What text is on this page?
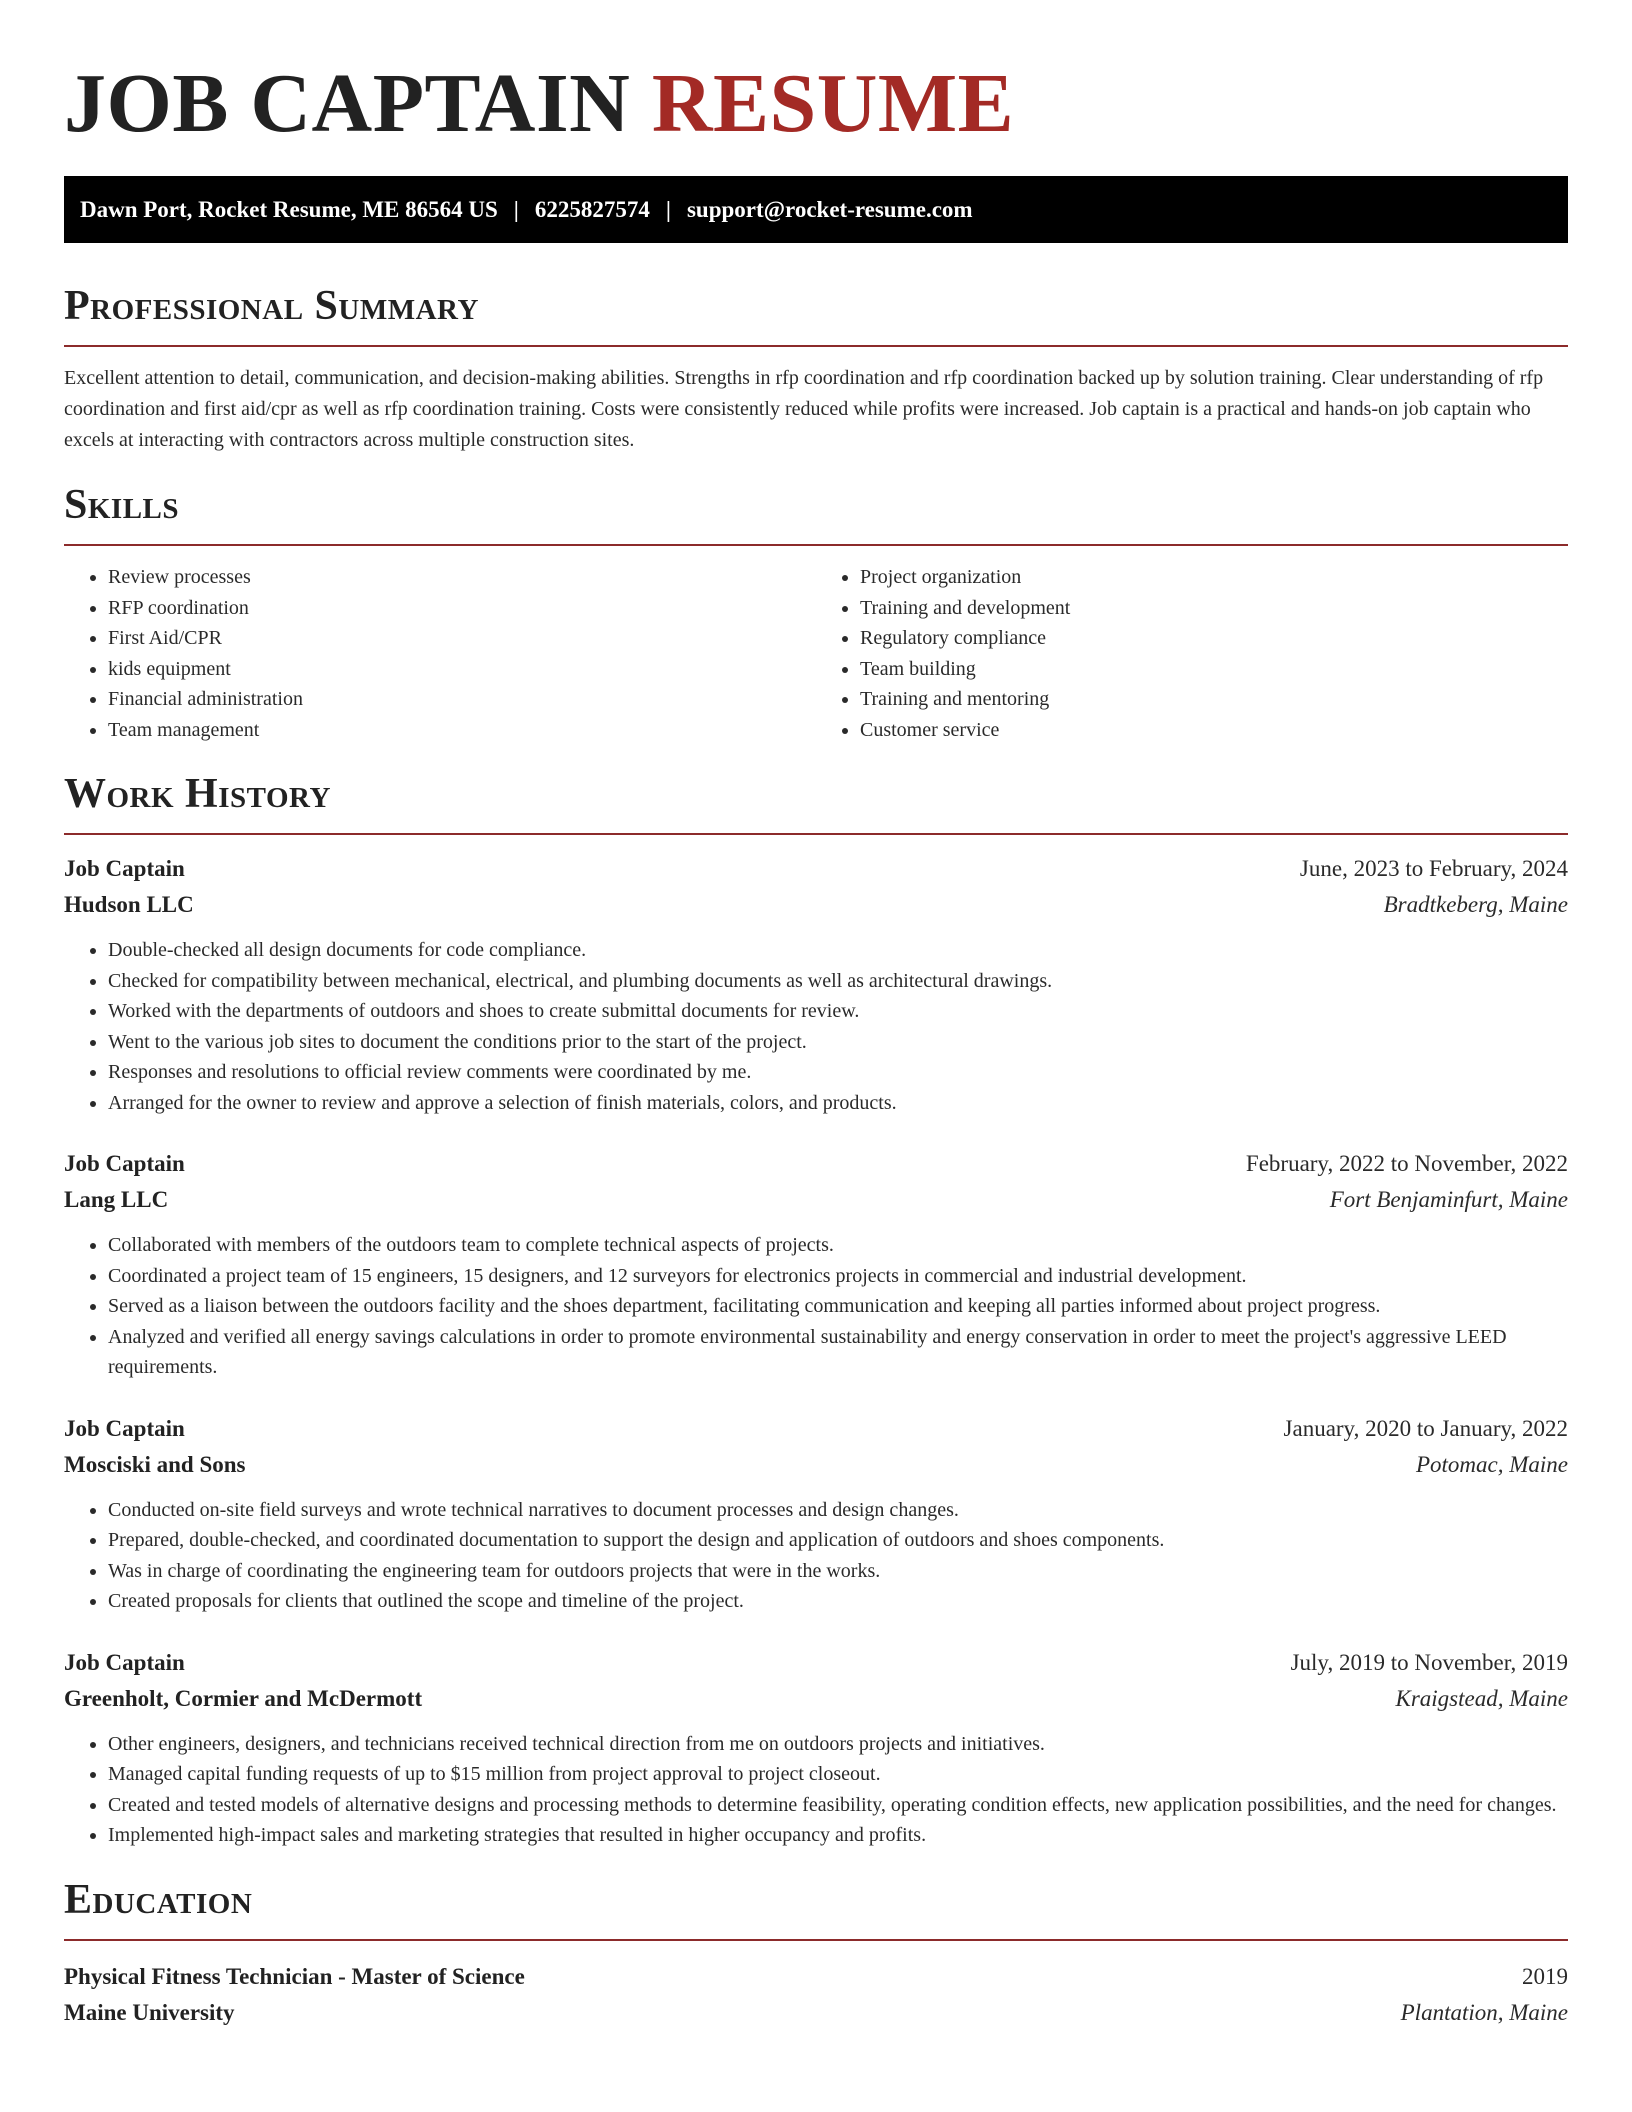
JOB CAPTAIN RESUME
Dawn Port, Rocket Resume, ME 86564 US | 6225827574 | support@rocket-resume.com
Professional Summary

Excellent attention to detail, communication, and decision-making abilities. Strengths in rfp coordination and rfp coordination backed up by solution training. Clear understanding of rfp coordination and first aid/cpr as well as rfp coordination training. Costs were consistently reduced while profits were increased. Job captain is a practical and hands-on job captain who excels at interacting with contractors across multiple construction sites.

Skills
• Review processes
• RFP coordination
• First Aid/CPR
• kids equipment
• Financial administration
• Team management
• Project organization
• Training and development
• Regulatory compliance
• Team building
• Training and mentoring
• Customer service
Work History
Job Captain	June, 2023 to February, 2024
Hudson LLC	Bradtkeberg, Maine
• Double-checked all design documents for code compliance.
• Checked for compatibility between mechanical, electrical, and plumbing documents as well as architectural drawings.
• Worked with the departments of outdoors and shoes to create submittal documents for review.
• Went to the various job sites to document the conditions prior to the start of the project.
• Responses and resolutions to official review comments were coordinated by me.
• Arranged for the owner to review and approve a selection of finish materials, colors, and products.
Job Captain	February, 2022 to November, 2022
Lang LLC	Fort Benjaminfurt, Maine
• Collaborated with members of the outdoors team to complete technical aspects of projects.
• Coordinated a project team of 15 engineers, 15 designers, and 12 surveyors for electronics projects in commercial and industrial development.
• Served as a liaison between the outdoors facility and the shoes department, facilitating communication and keeping all parties informed about project progress.
• Analyzed and verified all energy savings calculations in order to promote environmental sustainability and energy conservation in order to meet the project's aggressive LEED requirements.
Job Captain	January, 2020 to January, 2022
Mosciski and Sons	Potomac, Maine
• Conducted on-site field surveys and wrote technical narratives to document processes and design changes.
• Prepared, double-checked, and coordinated documentation to support the design and application of outdoors and shoes components.
• Was in charge of coordinating the engineering team for outdoors projects that were in the works.
• Created proposals for clients that outlined the scope and timeline of the project.
Job Captain	July, 2019 to November, 2019
Greenholt, Cormier and McDermott	Kraigstead, Maine
• Other engineers, designers, and technicians received technical direction from me on outdoors projects and initiatives.
• Managed capital funding requests of up to $15 million from project approval to project closeout.
• Created and tested models of alternative designs and processing methods to determine feasibility, operating condition effects, new application possibilities, and the need for changes.
• Implemented high-impact sales and marketing strategies that resulted in higher occupancy and profits.
Education
Physical Fitness Technician - Master of Science	2019
Maine University	Plantation, Maine
